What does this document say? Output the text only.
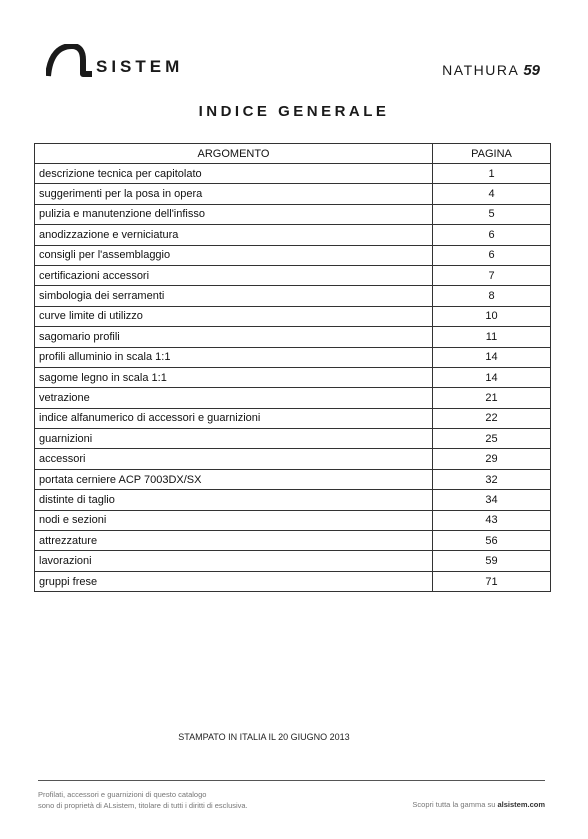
SISTEM	NATHURA 59
INDICE GENERALE
ARGOMENTO	PAGINA
descrizione tecnica per capitolato	1
suggerimenti per la posa in opera	4
pulizia e manutenzione dell'infisso	5
anodizzazione e verniciatura	6
consigli per l'assemblaggio	6
certificazioni accessori	7
simbologia dei serramenti	8
curve limite di utilizzo	10
sagomario profili	11
profili alluminio in scala 1:1	14
sagome legno in scala 1:1	14
vetrazione	21
indice alfanumerico di accessori e guarnizioni	22
guarnizioni	25
accessori	29
portata cerniere ACP 7003DX/SX	32
distinte di taglio	34
nodi e sezioni	43
attrezzature	56
lavorazioni	59
gruppi frese	71
STAMPATO IN ITALIA IL 20 GIUGNO 2013
Profilati, accessori e guarnizioni di questo catalogo
sono di proprietà di ALsistem, titolare di tutti i diritti di esclusiva.	Scopri tutta la gamma su alsistem.com
